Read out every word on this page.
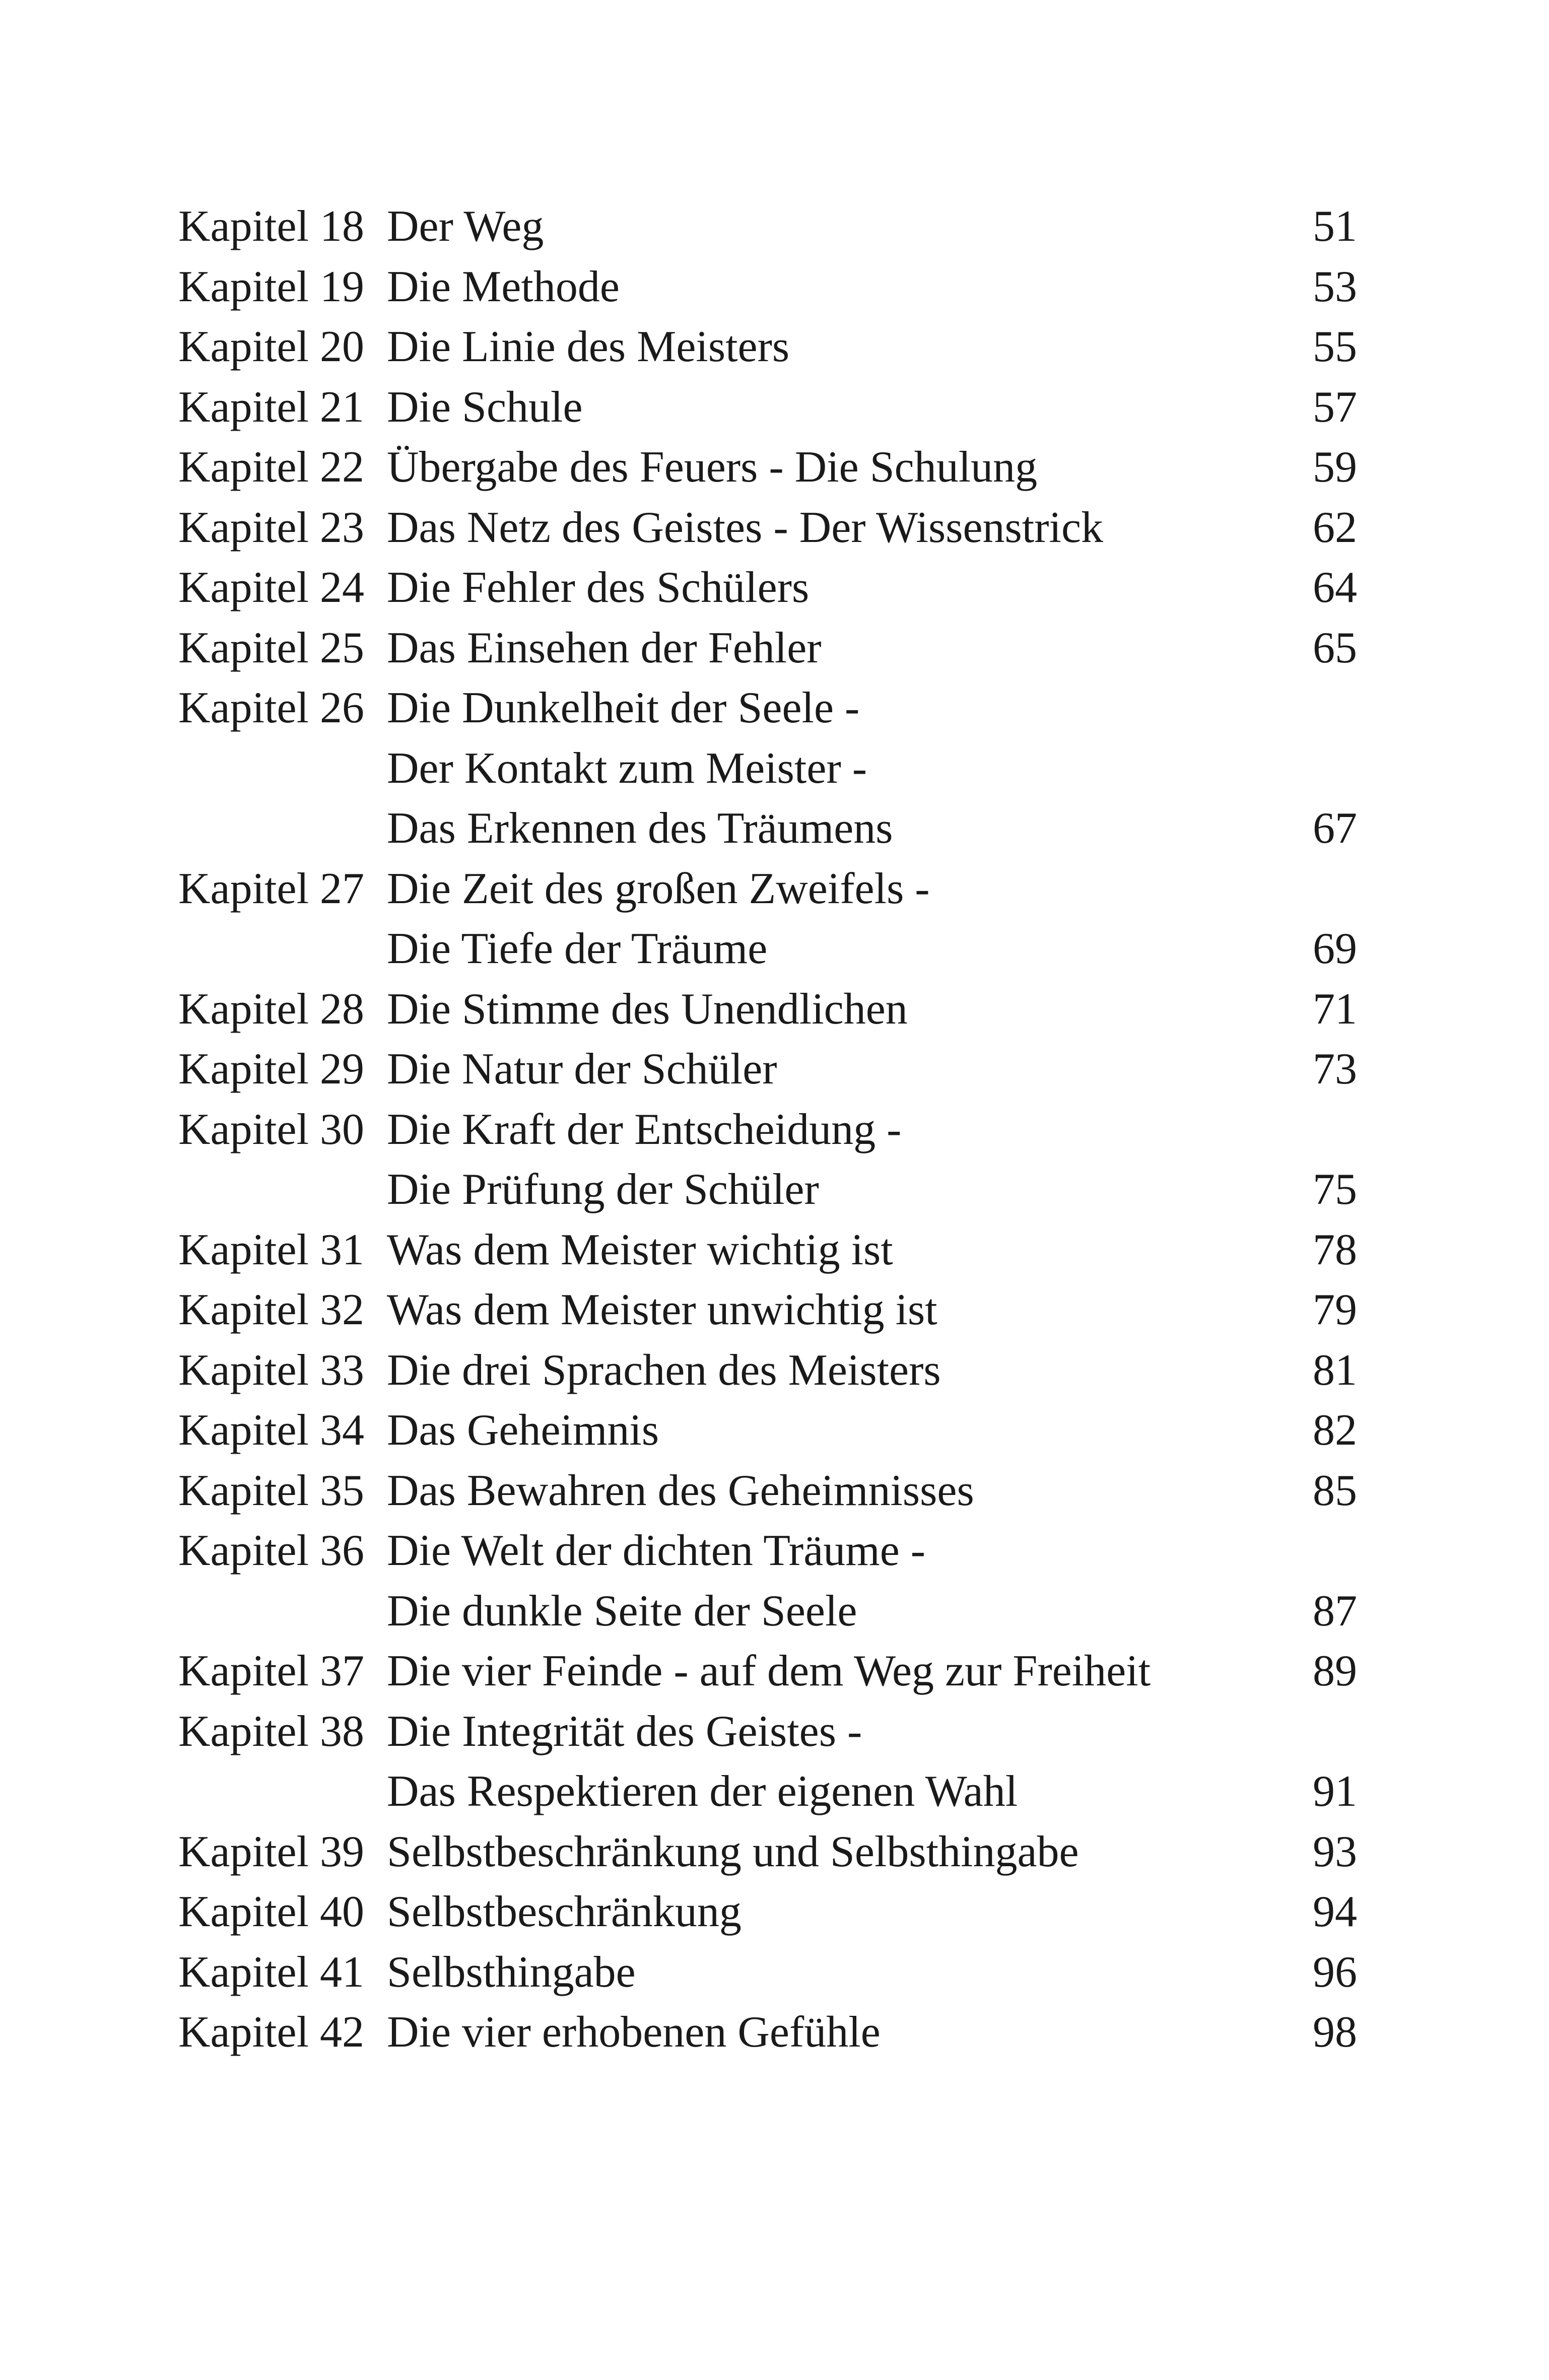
Kapitel 18 Der Weg	51
Kapitel 19 Die Methode	53
Kapitel 20 Die Linie des Meisters	55
Kapitel 21 Die Schule	57
Kapitel 22 Übergabe des Feuers - Die Schulung	59
Kapitel 23 Das Netz des Geistes - Der Wissenstrick	62
Kapitel 24 Die Fehler des Schülers	64
Kapitel 25 Das Einsehen der Fehler	65
Kapitel 26 Die Dunkelheit der Seele -
Der Kontakt zum Meister -
Das Erkennen des Träumens	67
Kapitel 27 Die Zeit des großen Zweifels -
Die Tiefe der Träume	69
Kapitel 28 Die Stimme des Unendlichen	71
Kapitel 29 Die Natur der Schüler	73
Kapitel 30 Die Kraft der Entscheidung -
Die Prüfung der Schüler	75
Kapitel 31 Was dem Meister wichtig ist	78
Kapitel 32 Was dem Meister unwichtig ist	79
Kapitel 33 Die drei Sprachen des Meisters	81
Kapitel 34 Das Geheimnis	82
Kapitel 35 Das Bewahren des Geheimnisses	85
Kapitel 36 Die Welt der dichten Träume -
Die dunkle Seite der Seele	87
Kapitel 37 Die vier Feinde - auf dem Weg zur Freiheit	89
Kapitel 38 Die Integrität des Geistes -
Das Respektieren der eigenen Wahl	91
Kapitel 39 Selbstbeschränkung und Selbsthingabe	93
Kapitel 40 Selbstbeschränkung	94
Kapitel 41 Selbsthingabe	96
Kapitel 42 Die vier erhobenen Gefühle	98
